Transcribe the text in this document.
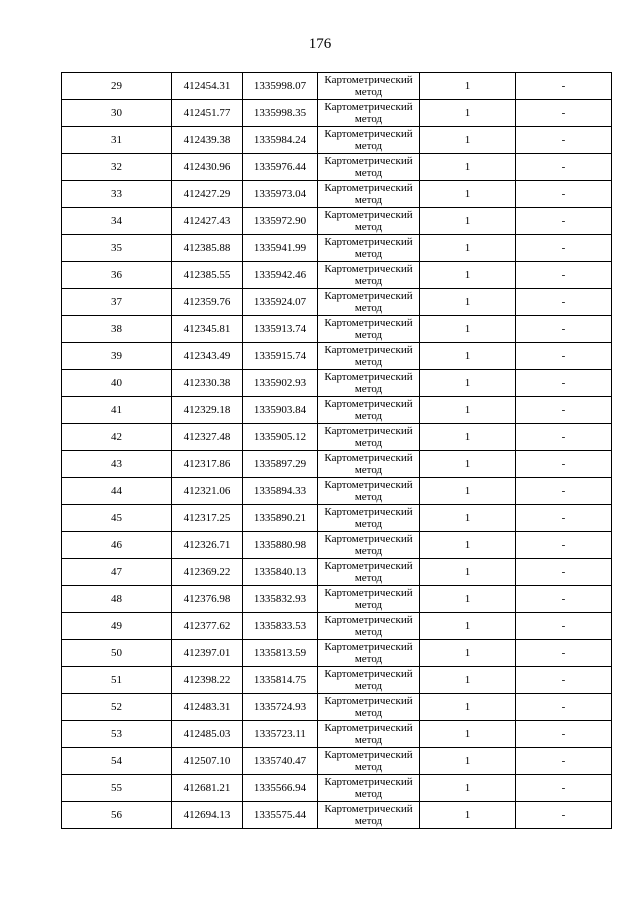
176
29	412454.31	1335998.07	Картометрический метод	1	-
30	412451.77	1335998.35	Картометрический метод	1	-
31	412439.38	1335984.24	Картометрический метод	1	-
32	412430.96	1335976.44	Картометрический метод	1	-
33	412427.29	1335973.04	Картометрический метод	1	-
34	412427.43	1335972.90	Картометрический метод	1	-
35	412385.88	1335941.99	Картометрический метод	1	-
36	412385.55	1335942.46	Картометрический метод	1	-
37	412359.76	1335924.07	Картометрический метод	1	-
38	412345.81	1335913.74	Картометрический метод	1	-
39	412343.49	1335915.74	Картометрический метод	1	-
40	412330.38	1335902.93	Картометрический метод	1	-
41	412329.18	1335903.84	Картометрический метод	1	-
42	412327.48	1335905.12	Картометрический метод	1	-
43	412317.86	1335897.29	Картометрический метод	1	-
44	412321.06	1335894.33	Картометрический метод	1	-
45	412317.25	1335890.21	Картометрический метод	1	-
46	412326.71	1335880.98	Картометрический метод	1	-
47	412369.22	1335840.13	Картометрический метод	1	-
48	412376.98	1335832.93	Картометрический метод	1	-
49	412377.62	1335833.53	Картометрический метод	1	-
50	412397.01	1335813.59	Картометрический метод	1	-
51	412398.22	1335814.75	Картометрический метод	1	-
52	412483.31	1335724.93	Картометрический метод	1	-
53	412485.03	1335723.11	Картометрический метод	1	-
54	412507.10	1335740.47	Картометрический метод	1	-
55	412681.21	1335566.94	Картометрический метод	1	-
56	412694.13	1335575.44	Картометрический метод	1	-
